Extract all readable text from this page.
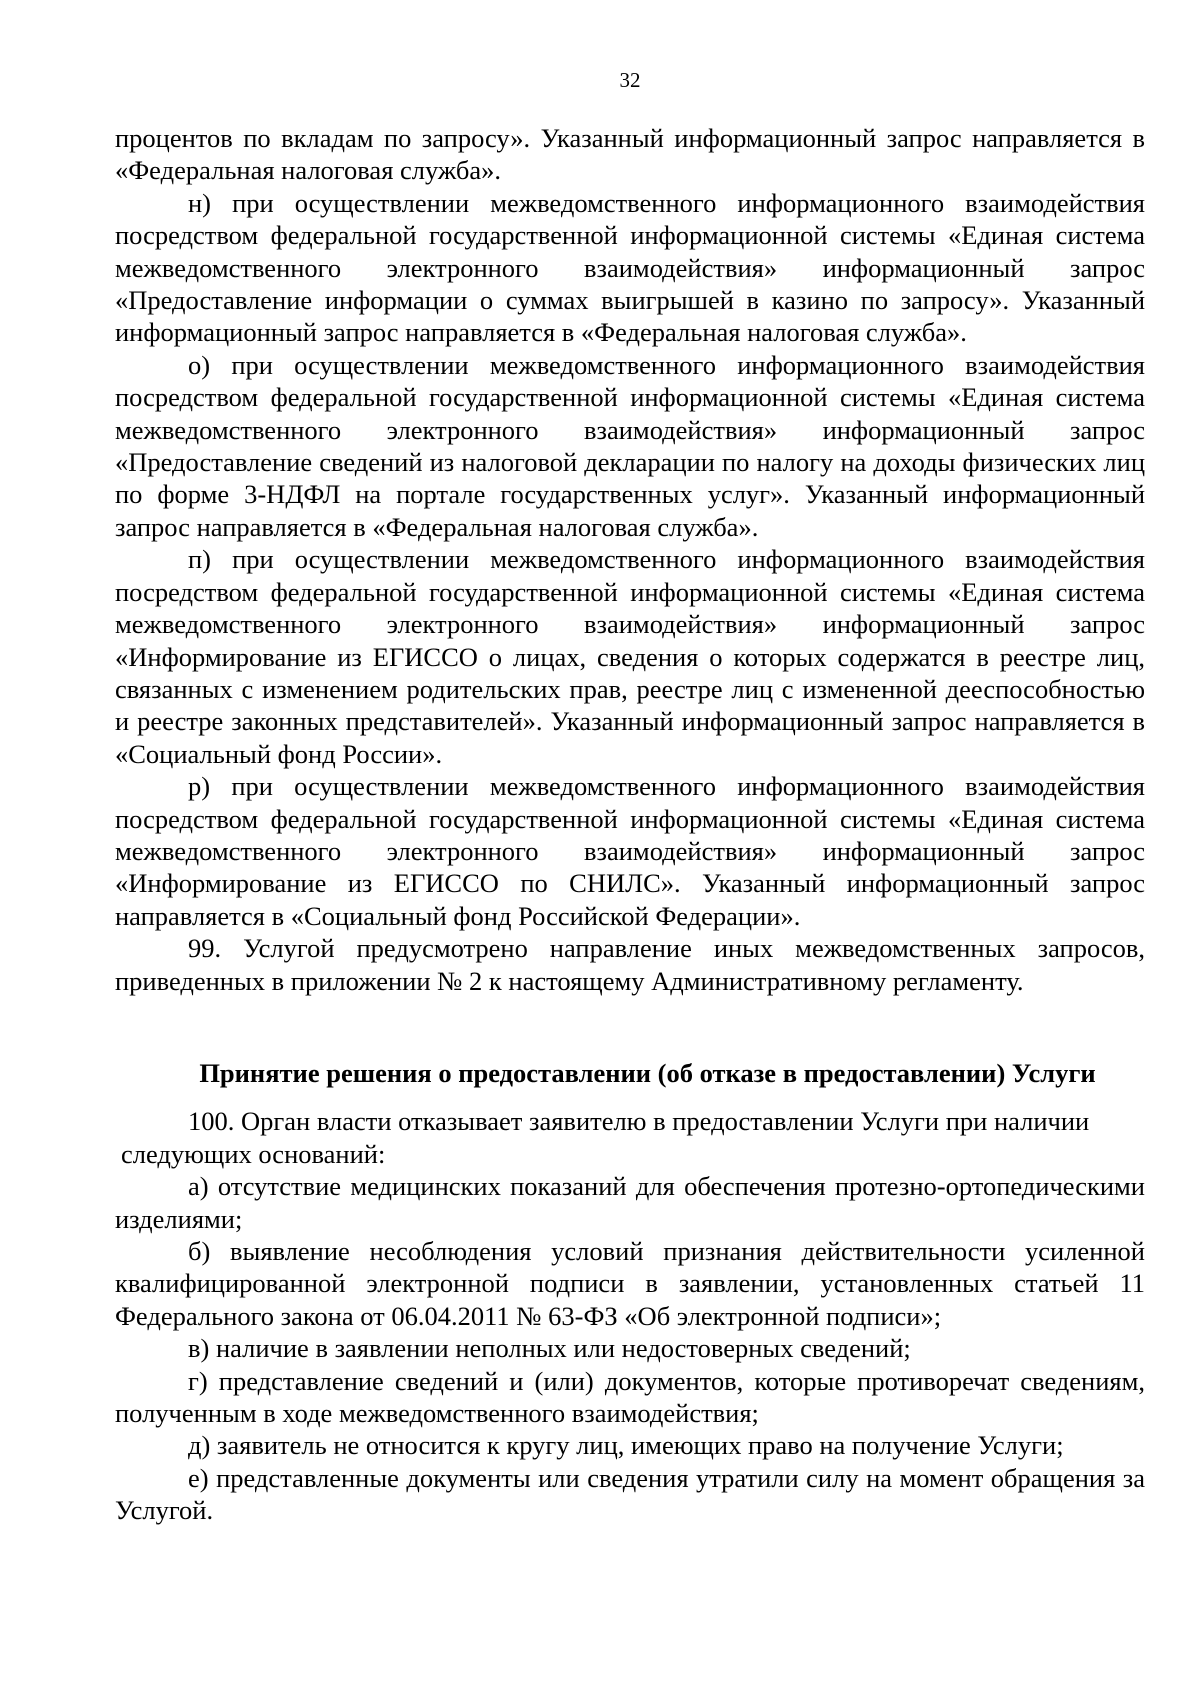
32

процентов по вкладам по запросу». Указанный информационный запрос направляется в «Федеральная налоговая служба».

н) при осуществлении межведомственного информационного взаимодействия посредством федеральной государственной информационной системы «Единая система межведомственного электронного взаимодействия» информационный запрос «Предоставление информации о суммах выигрышей в казино по запросу». Указанный информационный запрос направляется в «Федеральная налоговая служба».

о) при осуществлении межведомственного информационного взаимодействия посредством федеральной государственной информационной системы «Единая система межведомственного электронного взаимодействия» информационный запрос «Предоставление сведений из налоговой декларации по налогу на доходы физических лиц по форме 3-НДФЛ на портале государственных услуг». Указанный информационный запрос направляется в «Федеральная налоговая служба».

п) при осуществлении межведомственного информационного взаимодействия посредством федеральной государственной информационной системы «Единая система межведомственного электронного взаимодействия» информационный запрос «Информирование из ЕГИССО о лицах, сведения о которых содержатся в реестре лиц, связанных с изменением родительских прав, реестре лиц с измененной дееспособностью и реестре законных представителей». Указанный информационный запрос направляется в «Социальный фонд России».

р) при осуществлении межведомственного информационного взаимодействия посредством федеральной государственной информационной системы «Единая система межведомственного электронного взаимодействия» информационный запрос «Информирование из ЕГИССО по СНИЛС». Указанный информационный запрос направляется в «Социальный фонд Российской Федерации».

99. Услугой предусмотрено направление иных межведомственных запросов, приведенных в приложении № 2 к настоящему Административному регламенту.

Принятие решения о предоставлении (об отказе в предоставлении) Услуги

100. Орган власти отказывает заявителю в предоставлении Услуги при наличии

следующих оснований:

а) отсутствие медицинских показаний для обеспечения протезно-ортопедическими изделиями;

б) выявление несоблюдения условий признания действительности усиленной квалифицированной электронной подписи в заявлении, установленных статьей 11 Федерального закона от 06.04.2011 № 63-ФЗ «Об электронной подписи»;

в) наличие в заявлении неполных или недостоверных сведений;

г) представление сведений и (или) документов, которые противоречат сведениям, полученным в ходе межведомственного взаимодействия;

д) заявитель не относится к кругу лиц, имеющих право на получение Услуги;

е) представленные документы или сведения утратили силу на момент обращения за Услугой.
